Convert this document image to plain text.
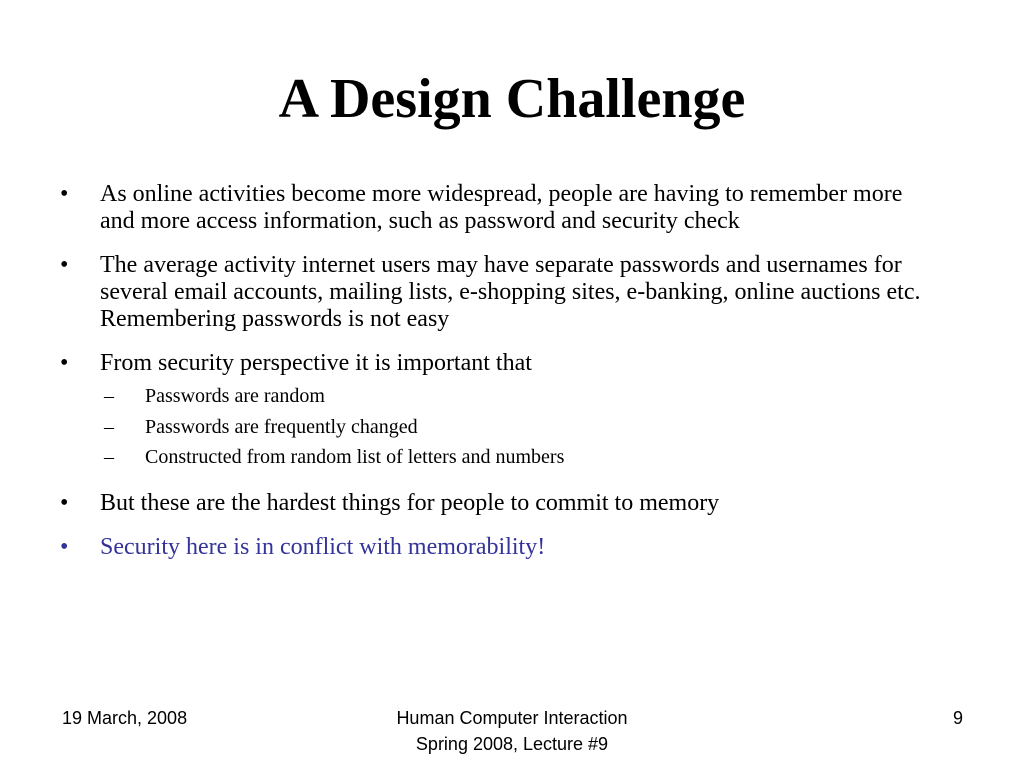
A Design Challenge
• As online activities become more widespread, people are having to remember more and more access information, such as password and security check
• The average activity internet users may have separate passwords and usernames for several email accounts, mailing lists, e-shopping sites, e-banking, online auctions etc. Remembering passwords is not easy
• From security perspective it is important that
– Passwords are random
– Passwords are frequently changed
– Constructed from random list of letters and numbers
• But these are the hardest things for people to commit to memory
• Security here is in conflict with memorability!
19 March, 2008	Human Computer Interaction
Spring 2008, Lecture #9
9
